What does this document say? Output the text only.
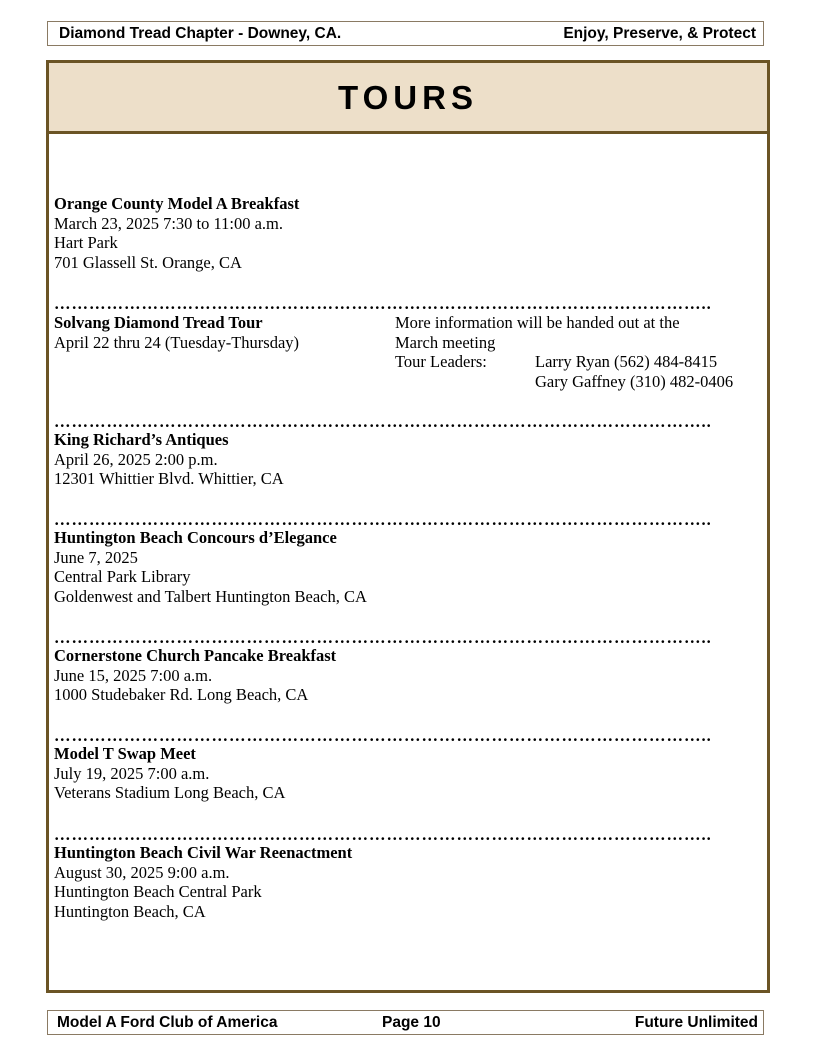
Diamond Tread Chapter - Downey, CA.	Enjoy, Preserve, & Protect
TOURS
Orange County Model A Breakfast
March 23, 2025 7:30 to 11:00 a.m.
Hart Park
701 Glassell St. Orange, CA
…………………………………………………………………………………………………..
Solvang Diamond Tread Tour
April 22 thru 24 (Tuesday-Thursday)
More information will be handed out at the
March meeting
Tour Leaders:	Larry Ryan (562) 484-8415
Gary Gaffney (310) 482-0406
…………………………………………………………………………………………………..
King Richard’s Antiques
April 26, 2025 2:00 p.m.
12301 Whittier Blvd. Whittier, CA
…………………………………………………………………………………………………..
Huntington Beach Concours d’Elegance
June 7, 2025
Central Park Library
Goldenwest and Talbert Huntington Beach, CA
…………………………………………………………………………………………………..
Cornerstone Church Pancake Breakfast
June 15, 2025 7:00 a.m.
1000 Studebaker Rd. Long Beach, CA
…………………………………………………………………………………………………..
Model T Swap Meet
July 19, 2025 7:00 a.m.
Veterans Stadium Long Beach, CA
…………………………………………………………………………………………………..
Huntington Beach Civil War Reenactment
August 30, 2025 9:00 a.m.
Huntington Beach Central Park
Huntington Beach, CA
Model A Ford Club of America	Page 10	Future Unlimited
